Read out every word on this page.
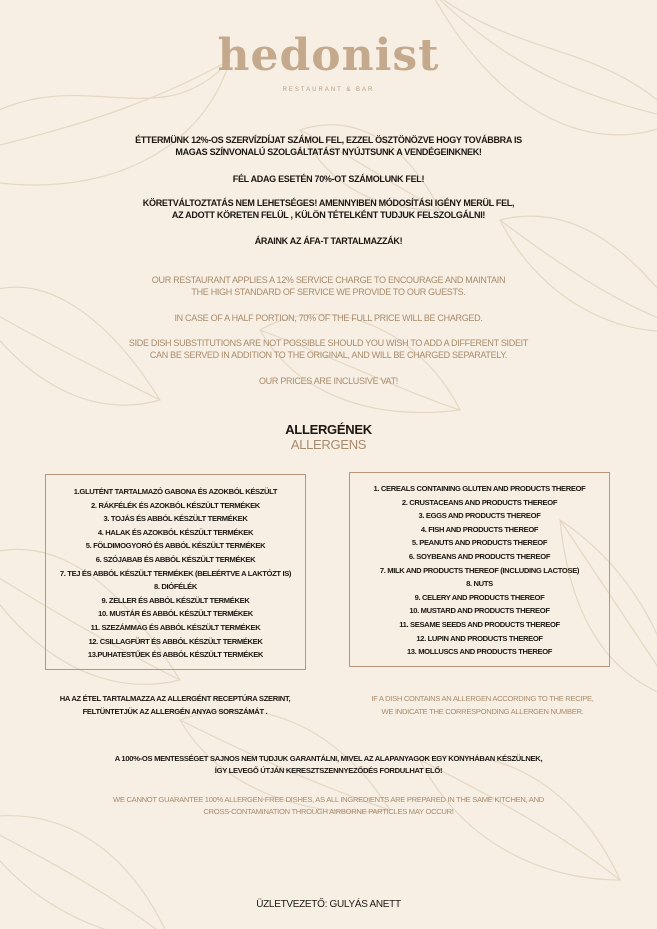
hedonist
RESTAURANT & BAR
ÉTTERMÜNK 12%-OS SZERVÍZDÍJAT SZÁMOL FEL, EZZEL ÖSZTÖNÖZVE HOGY TOVÁBBRA IS
MAGAS SZÍNVONALÚ SZOLGÁLTATÁST NYÚJTSUNK A VENDÉGEINKNEK!
FÉL ADAG ESETÉN 70%-OT SZÁMOLUNK FEL!
KÖRETVÁLTOZTATÁS NEM LEHETSÉGES! AMENNYIBEN MÓDOSÍTÁSI IGÉNY MERÜL FEL,
AZ ADOTT KÖRETEN FELÜL , KÜLÖN TÉTELKÉNT TUDJUK FELSZOLGÁLNI!
ÁRAINK AZ ÁFA-T TARTALMAZZÁK!
OUR RESTAURANT APPLIES A 12% SERVICE CHARGE TO ENCOURAGE AND MAINTAIN
THE HIGH STANDARD OF SERVICE WE PROVIDE TO OUR GUESTS.
IN CASE OF A HALF PORTION, 70% OF THE FULL PRICE WILL BE CHARGED.
SIDE DISH SUBSTITUTIONS ARE NOT POSSIBLE SHOULD YOU WISH TO ADD A DIFFERENT SIDEIT
CAN BE SERVED IN ADDITION TO THE ORIGINAL, AND WILL BE CHARGED SEPARATELY.
OUR PRICES ARE INCLUSIVE VAT!
ALLERGÉNEK
ALLERGENS
1.GLUTÉNT TARTALMAZÓ GABONA ÉS AZOKBÓL KÉSZÜLT
2. RÁKFÉLÉK ÉS AZOKBÓL KÉSZÜLT TERMÉKEK
3. TOJÁS ÉS ABBÓL KÉSZÜLT TERMÉKEK
4. HALAK ÉS AZOKBÓL KÉSZÜLT TERMÉKEK
5. FÖLDIMOGYORÓ ÉS ABBÓL KÉSZÜLT TERMÉKEK
6. SZÓJABAB ÉS ABBÓL KÉSZÜLT TERMÉKEK
7. TEJ ÉS ABBÓL KÉSZÜLT TERMÉKEK (BELEÉRTVE A LAKTÓZT IS)
8. DIÓFÉLÉK
9. ZELLER ÉS ABBÓL KÉSZÜLT TERMÉKEK
10. MUSTÁR ÉS ABBÓL KÉSZÜLT TERMÉKEK
11. SZEZÁMMAG ÉS ABBÓL KÉSZÜLT TERMÉKEK
12. CSILLAGFÜRT ÉS ABBÓL KÉSZÜLT TERMÉKEK
13.PUHATESTŰEK ÉS ABBÓL KÉSZÜLT TERMÉKEK
1. CEREALS CONTAINING GLUTEN AND PRODUCTS THEREOF
2. CRUSTACEANS AND PRODUCTS THEREOF
3. EGGS AND PRODUCTS THEREOF
4. FISH AND PRODUCTS THEREOF
5. PEANUTS AND PRODUCTS THEREOF
6. SOYBEANS AND PRODUCTS THEREOF
7. MILK AND PRODUCTS THEREOF (INCLUDING LACTOSE)
8. NUTS
9. CELERY AND PRODUCTS THEREOF
10. MUSTARD AND PRODUCTS THEREOF
11. SESAME SEEDS AND PRODUCTS THEREOF
12. LUPIN AND PRODUCTS THEREOF
13. MOLLUSCS AND PRODUCTS THEREOF
HA AZ ÉTEL TARTALMAZZA AZ ALLERGÉNT RECEPTÚRA SZERINT,
FELTÜNTETJÜK AZ ALLERGÉN ANYAG SORSZÁMÁT .
IF A DISH CONTAINS AN ALLERGEN ACCORDING TO THE RECIPE,
WE INDICATE THE CORRESPONDING ALLERGEN NUMBER.
A 100%-OS MENTESSÉGET SAJNOS NEM TUDJUK GARANTÁLNI, MIVEL AZ ALAPANYAGOK EGY KONYHÁBAN KÉSZÜLNEK,
ÍGY LEVEGŐ ÚTJÁN KERESZTSZENNYEZŐDÉS FORDULHAT ELŐ!
WE CANNOT GUARANTEE 100% ALLERGEN-FREE DISHES, AS ALL INGREDIENTS ARE PREPARED IN THE SAME KITCHEN, AND
CROSS-CONTAMINATION THROUGH AIRBORNE PARTICLES MAY OCCUR!
ÜZLETVEZETŐ: GULYÁS ANETT
